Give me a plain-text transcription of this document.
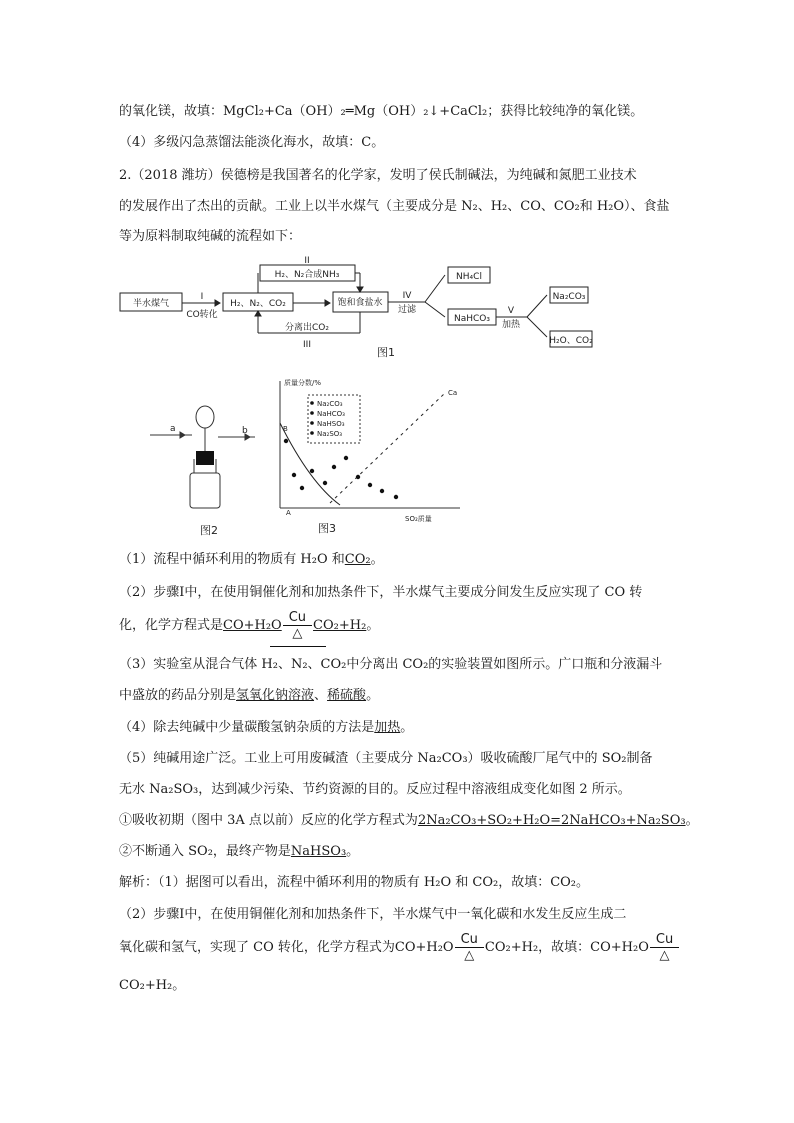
的氧化镁，故填：MgCl₂+Ca（OH）₂═Mg（OH）₂↓+CaCl₂；获得比较纯净的氧化镁。
（4）多级闪急蒸馏法能淡化海水，故填：C。
2.（2018 潍坊）侯德榜是我国著名的化学家，发明了侯氏制碱法，为纯碱和氮肥工业技术
的发展作出了杰出的贡献。工业上以半水煤气（主要成分是 N₂、H₂、CO、CO₂和 H₂O）、食盐
等为原料制取纯碱的流程如下：
半水煤气
I
CO转化
H₂、N₂、CO₂	饱和食盐水
II
H₂、N₂合成NH₃
分离出CO₂
III
IV
过滤
NH₄Cl
NaHCO₃
V
加热
Na₂CO₃
H₂O、CO₂
图1
a	b
图2
质量分数/%
SO₂质量
B
A
Ca
Na₂CO₃
NaHCO₃
NaHSO₃
Na₂SO₃
图3
（1）流程中循环利用的物质有 H₂O 和CO₂。
（2）步骤Ⅰ中，在使用铜催化剂和加热条件下，半水煤气主要成分间发生反应实现了 CO 转
化，化学方程式是$CO+H_2O \frac{Cu}{\triangle} CO_2+H_2$。
（3）实验室从混合气体 H₂、N₂、CO₂中分离出 CO₂的实验装置如图所示。广口瓶和分液漏斗
中盛放的药品分别是氢氧化钠溶液、稀硫酸。
（4）除去纯碱中少量碳酸氢钠杂质的方法是加热。
（5）纯碱用途广泛。工业上可用废碱渣（主要成分 Na₂CO₃）吸收硫酸厂尾气中的 SO₂制备
无水 Na₂SO₃，达到减少污染、节约资源的目的。反应过程中溶液组成变化如图 2 所示。
①吸收初期（图中 3A 点以前）反应的化学方程式为2Na₂CO₃+SO₂+H₂O=2NaHCO₃+Na₂SO₃。
②不断通入 SO₂，最终产物是NaHSO₃。
解析：（1）据图可以看出，流程中循环利用的物质有 H₂O 和 CO₂，故填：CO₂。
（2）步骤Ⅰ中，在使用铜催化剂和加热条件下，半水煤气中一氧化碳和水发生反应生成二
氧化碳和氢气，实现了 CO 转化，化学方程式为$CO+H_2O \frac{Cu}{\triangle} CO_2+H_2$，故填：$CO+H_2O \frac{Cu}{\triangle}$
CO₂+H₂。
